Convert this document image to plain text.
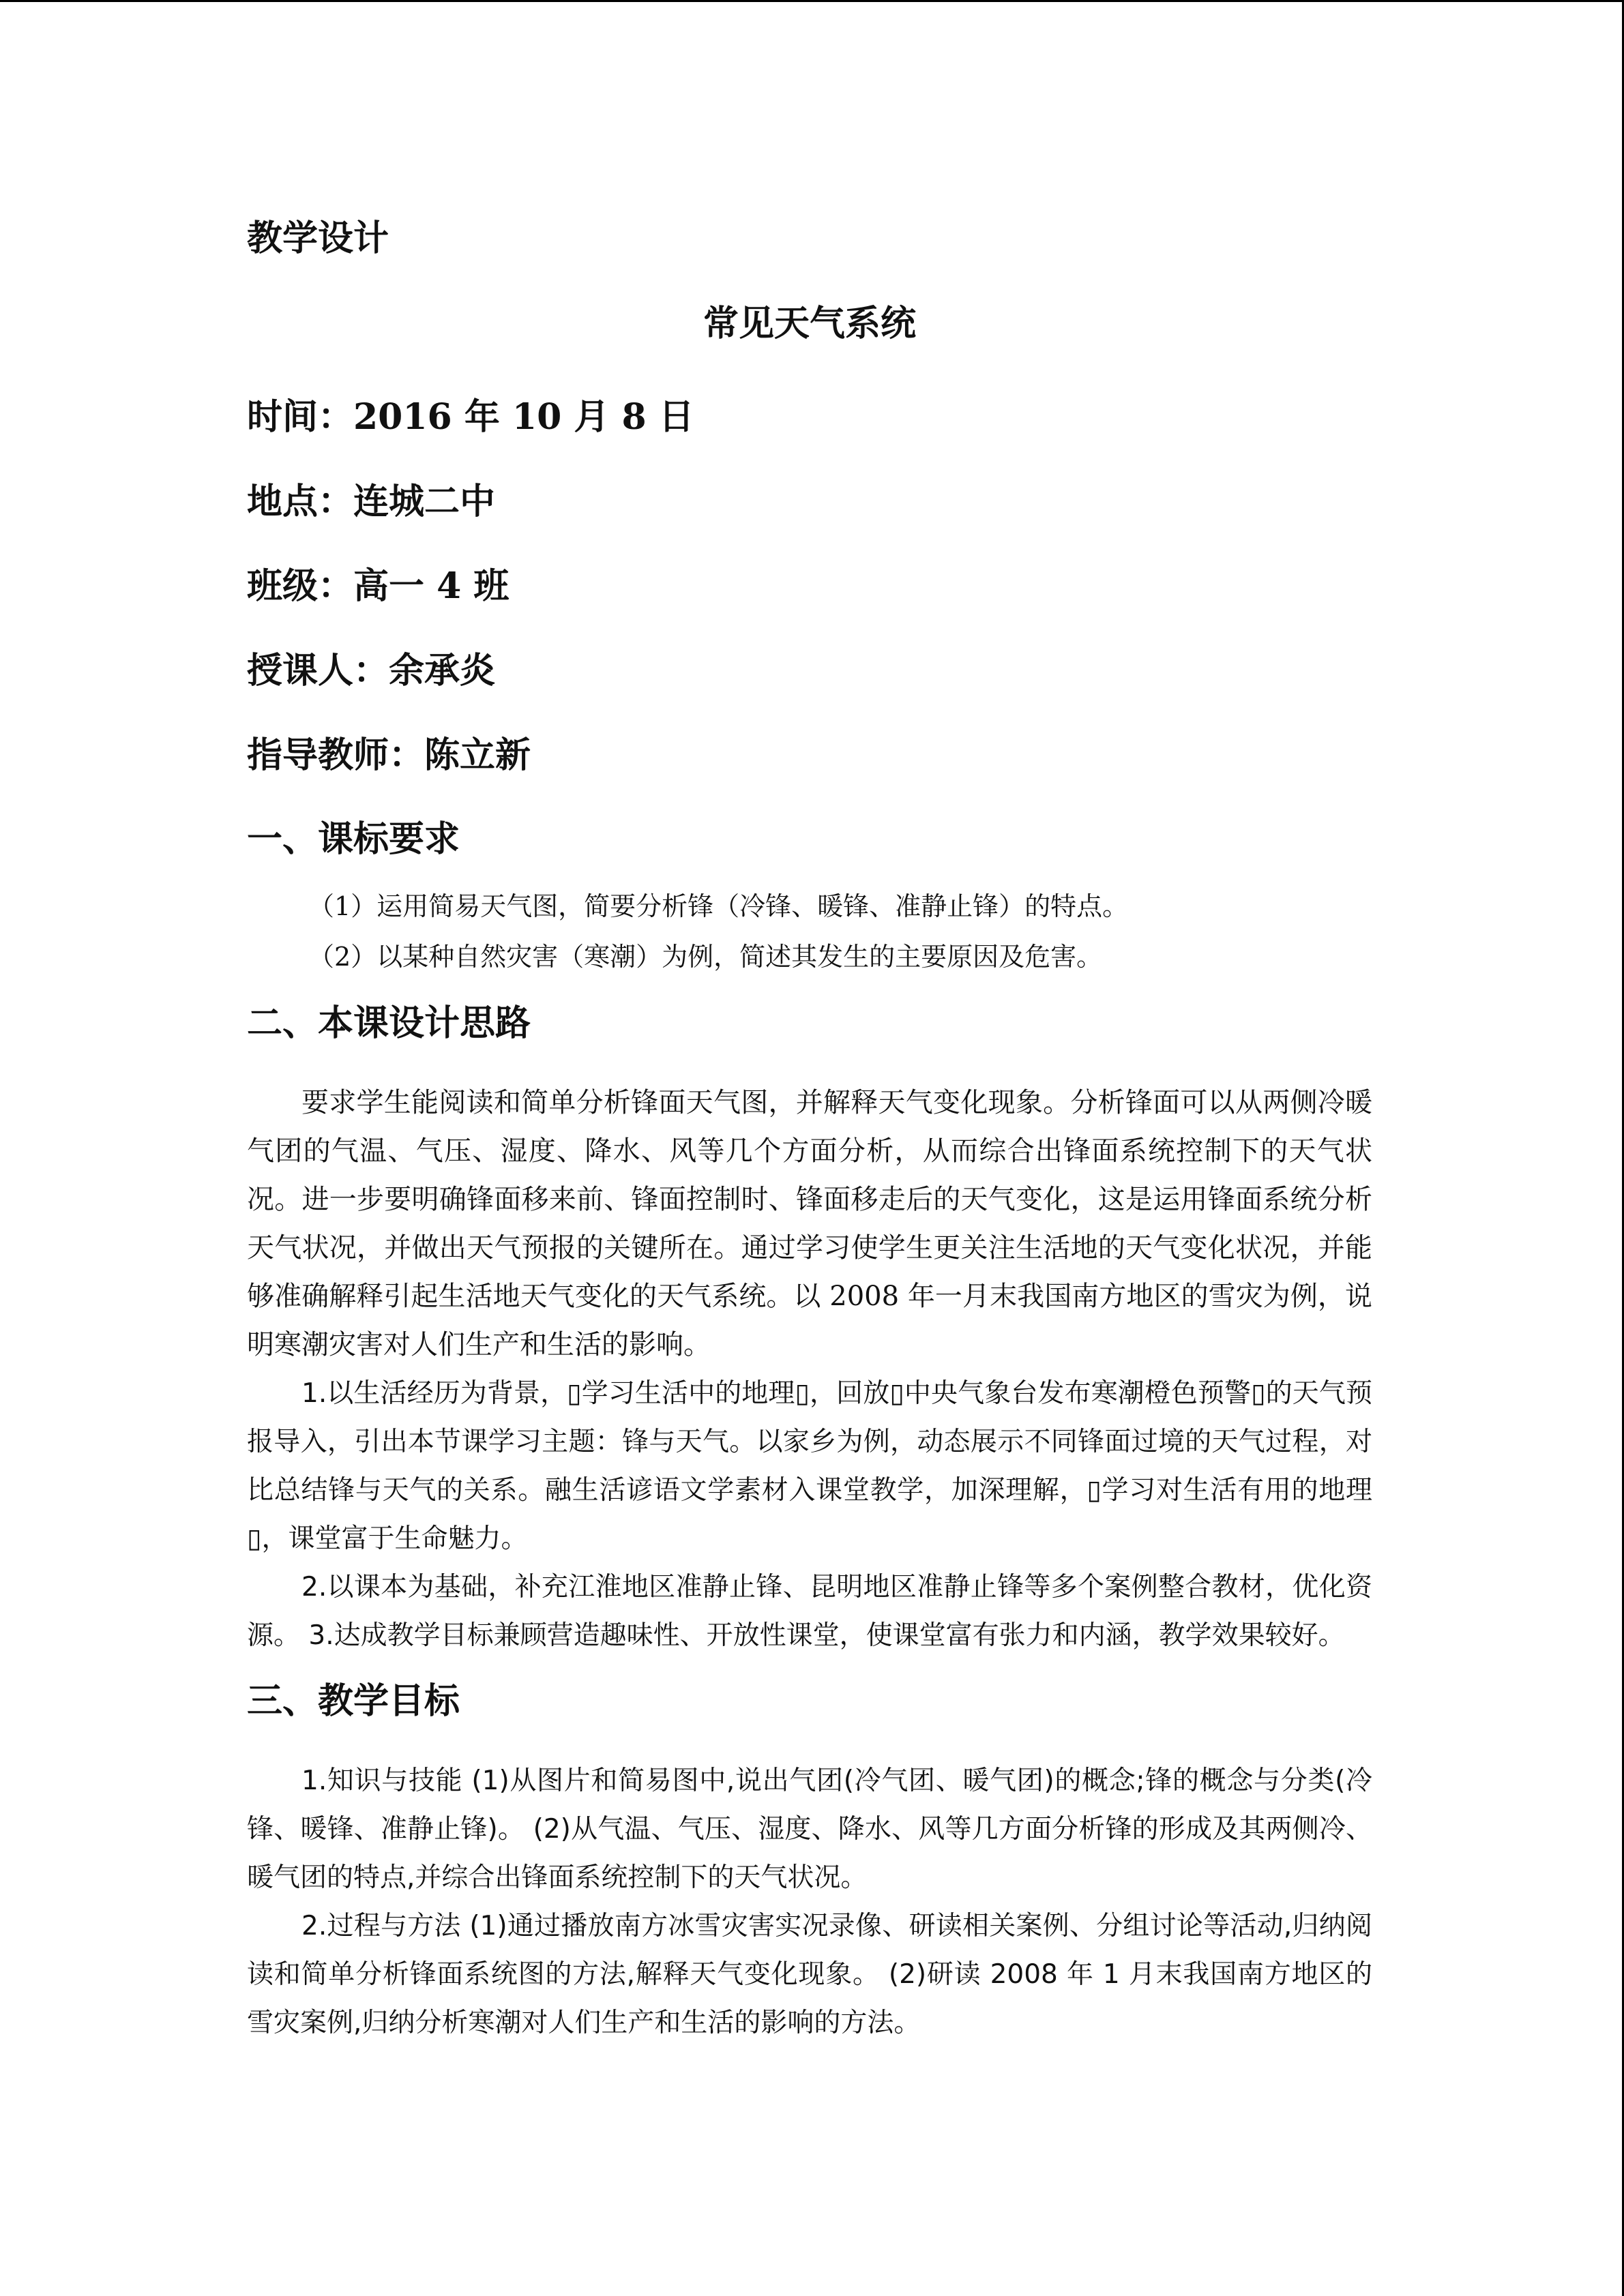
教学设计

常见天气系统

时间：2016 年 10 月 8 日

地点：连城二中

班级：高一 4 班

授课人：余承炎

指导教师：陈立新

一、课标要求

（1）运用简易天气图，简要分析锋（冷锋、暖锋、准静止锋）的特点。

（2）以某种自然灾害（寒潮）为例，简述其发生的主要原因及危害。

二、本课设计思路

要求学生能阅读和简单分析锋面天气图，并解释天气变化现象。分析锋面可以从两侧冷暖气团的气温、气压、湿度、降水、风等几个方面分析，从而综合出锋面系统控制下的天气状况。进一步要明确锋面移来前、锋面控制时、锋面移走后的天气变化，这是运用锋面系统分析天气状况，并做出天气预报的关键所在。通过学习使学生更关注生活地的天气变化状况，并能够准确解释引起生活地天气变化的天气系统。以 2008 年一月末我国南方地区的雪灾为例，说明寒潮灾害对人们生产和生活的影响。

1.以生活经历为背景，▯学习生活中的地理▯，回放▯中央气象台发布寒潮橙色预警▯的天气预报导入，引出本节课学习主题：锋与天气。以家乡为例，动态展示不同锋面过境的天气过程，对比总结锋与天气的关系。融生活谚语文学素材入课堂教学，加深理解，▯学习对生活有用的地理▯，课堂富于生命魅力。

2.以课本为基础，补充江淮地区准静止锋、昆明地区准静止锋等多个案例整合教材，优化资源。 3.达成教学目标兼顾营造趣味性、开放性课堂，使课堂富有张力和内涵，教学效果较好。

三、教学目标

1.知识与技能 (1)从图片和简易图中,说出气团(冷气团、暖气团)的概念;锋的概念与分类(冷锋、暖锋、准静止锋)。 (2)从气温、气压、湿度、降水、风等几方面分析锋的形成及其两侧冷、暖气团的特点,并综合出锋面系统控制下的天气状况。

2.过程与方法 (1)通过播放南方冰雪灾害实况录像、研读相关案例、分组讨论等活动,归纳阅读和简单分析锋面系统图的方法,解释天气变化现象。 (2)研读 2008 年 1 月末我国南方地区的雪灾案例,归纳分析寒潮对人们生产和生活的影响的方法。
